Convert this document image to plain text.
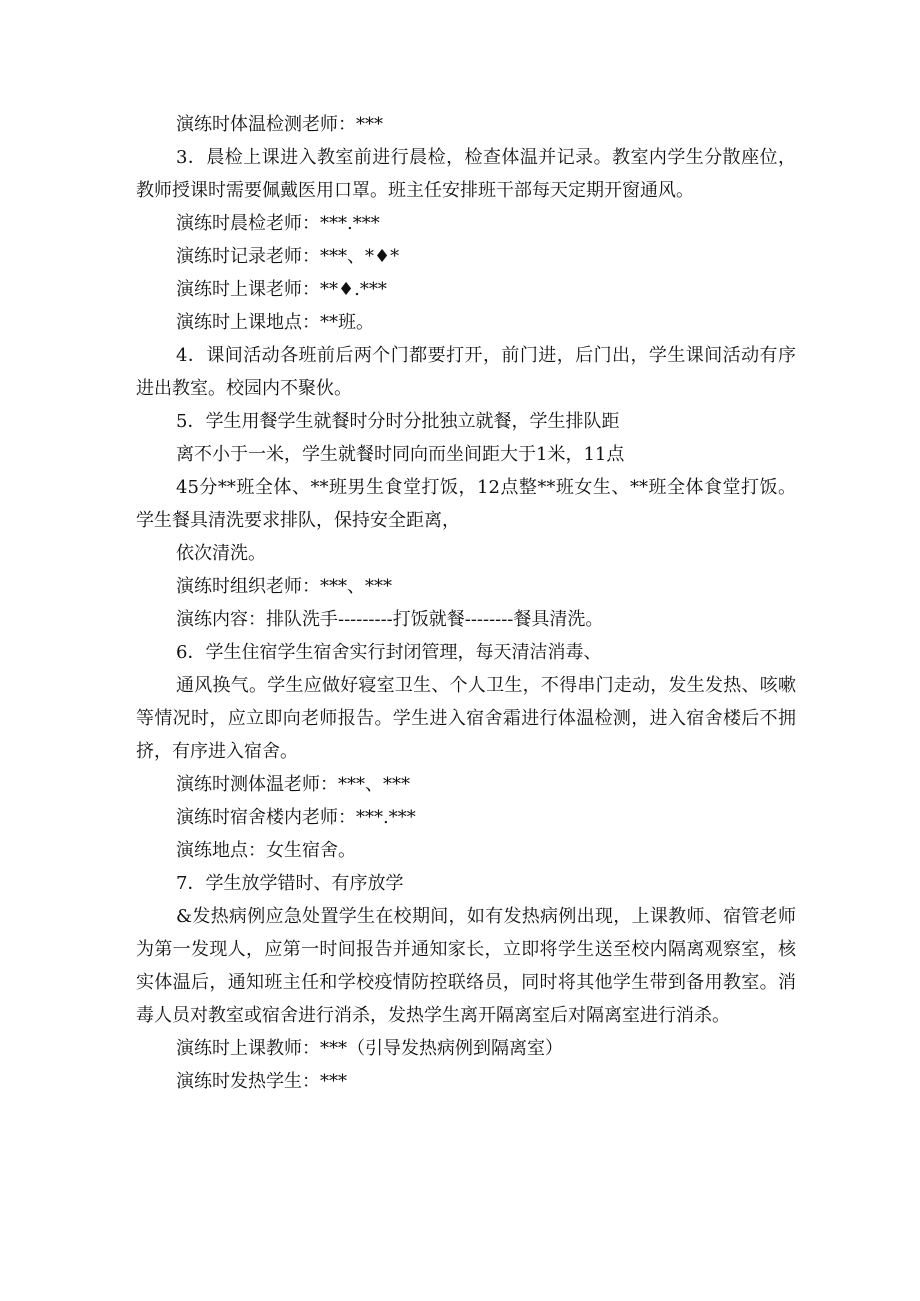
演练时体温检测老师：***

3．晨检上课进入教室前进行晨检，检查体温并记录。教室内学生分散座位，教师授课时需要佩戴医用口罩。班主任安排班干部每天定期开窗通风。

演练时晨检老师：***.***

演练时记录老师：***、*♦*

演练时上课老师：**♦.***

演练时上课地点：**班。

4．课间活动各班前后两个门都要打开，前门进，后门出，学生课间活动有序进出教室。校园内不聚伙。

5．学生用餐学生就餐时分时分批独立就餐，学生排队距

离不小于一米，学生就餐时同向而坐间距大于1米，11点

45分**班全体、**班男生食堂打饭，12点整**班女生、**班全体食堂打饭。学生餐具清洗要求排队，保持安全距离，

依次清洗。

演练时组织老师：***、***

演练内容：排队洗手---------打饭就餐--------餐具清洗。

6．学生住宿学生宿舍实行封闭管理，每天清洁消毒、

通风换气。学生应做好寝室卫生、个人卫生，不得串门走动，发生发热、咳嗽等情况时，应立即向老师报告。学生进入宿舍霜进行体温检测，进入宿舍楼后不拥挤，有序进入宿舍。

演练时测体温老师：***、***

演练时宿舍楼内老师：***.***

演练地点：女生宿舍。

7．学生放学错时、有序放学

&发热病例应急处置学生在校期间，如有发热病例出现，上课教师、宿管老师为第一发现人，应第一时间报告并通知家长，立即将学生送至校内隔离观察室，核实体温后，通知班主任和学校疫情防控联络员，同时将其他学生带到备用教室。消毒人员对教室或宿舍进行消杀，发热学生离开隔离室后对隔离室进行消杀。

演练时上课教师：***（引导发热病例到隔离室）

演练时发热学生：***
